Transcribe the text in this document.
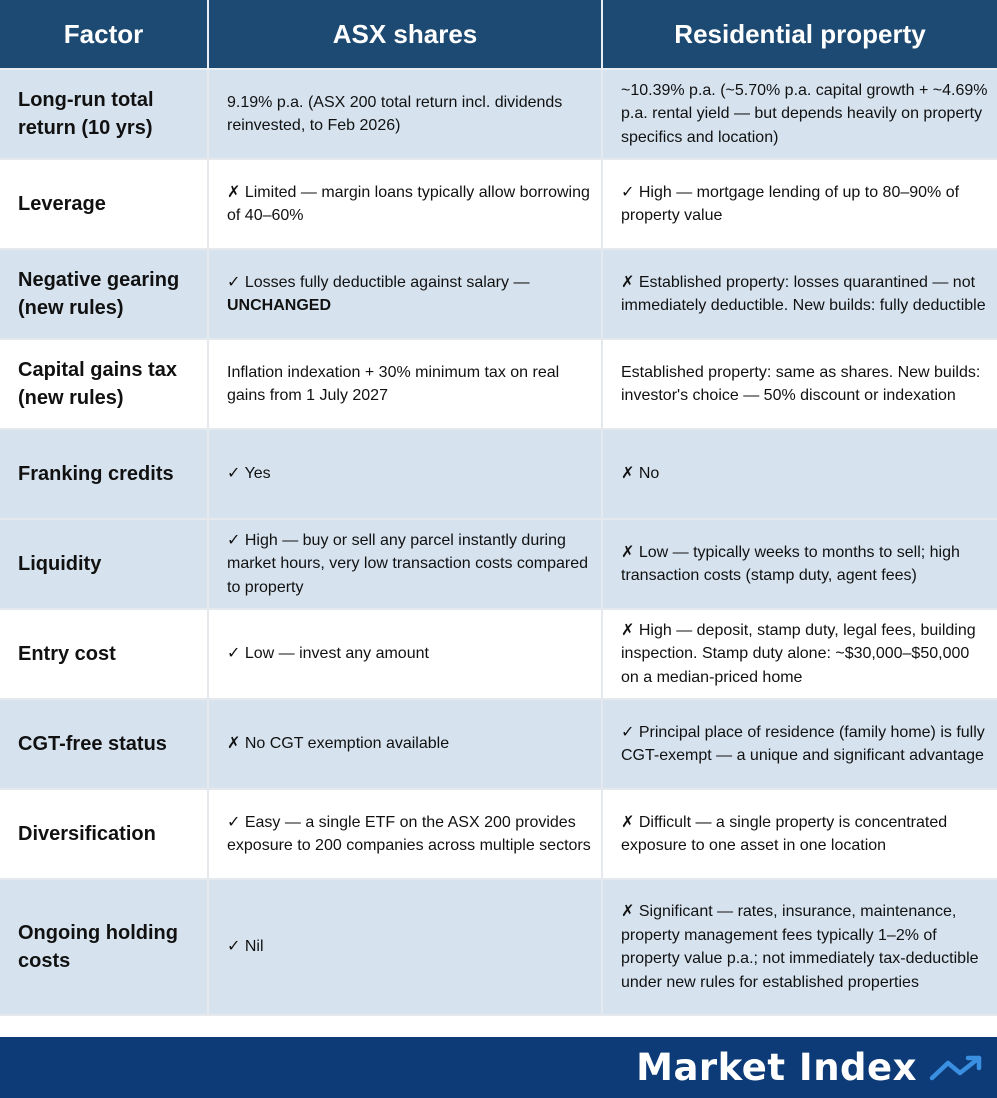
Factor	ASX shares	Residential property
Long-run total return (10 yrs)	9.19% p.a. (ASX 200 total return incl. dividends reinvested, to Feb 2026)	~10.39% p.a. (~5.70% p.a. capital growth + ~4.69% p.a. rental yield — but depends heavily on property specifics and location)
Leverage	✗ Limited — margin loans typically allow borrowing of 40–60%	✓ High — mortgage lending of up to 80–90% of property value
Negative gearing (new rules)	✓ Losses fully deductible against salary — UNCHANGED	✗ Established property: losses quarantined — not immediately deductible. New builds: fully deductible
Capital gains tax (new rules)	Inflation indexation + 30% minimum tax on real gains from 1 July 2027	Established property: same as shares. New builds: investor's choice — 50% discount or indexation
Franking credits	✓ Yes	✗ No
Liquidity	✓ High — buy or sell any parcel instantly during market hours, very low transaction costs compared to property	✗ Low — typically weeks to months to sell; high transaction costs (stamp duty, agent fees)
Entry cost	✓ Low — invest any amount	✗ High — deposit, stamp duty, legal fees, building inspection. Stamp duty alone: ~$30,000–$50,000 on a median-priced home
CGT-free status	✗ No CGT exemption available	✓ Principal place of residence (family home) is fully CGT-exempt — a unique and significant advantage
Diversification	✓ Easy — a single ETF on the ASX 200 provides exposure to 200 companies across multiple sectors	✗ Difficult — a single property is concentrated exposure to one asset in one location
Ongoing holding costs	✓ Nil	✗ Significant — rates, insurance, maintenance, property management fees typically 1–2% of property value p.a.; not immediately tax-deductible under new rules for established properties
Market Index
